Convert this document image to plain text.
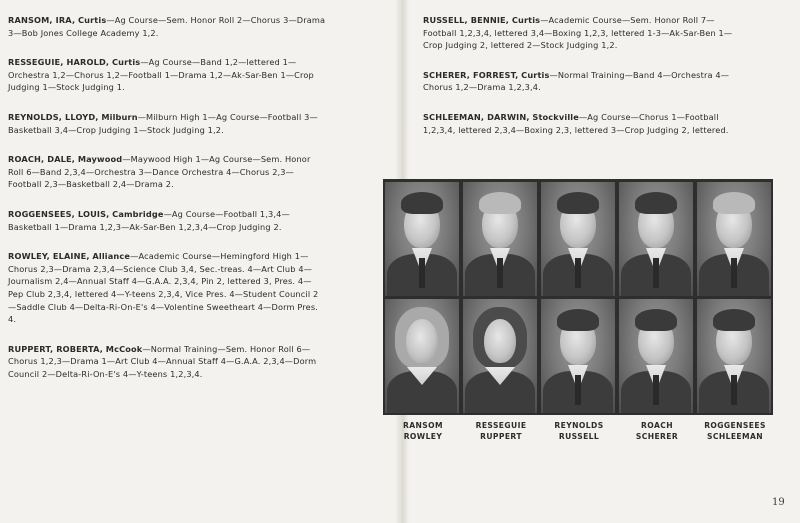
RANSOM, IRA, Curtis—Ag Course—Sem. Honor Roll 2—Chorus 3—Drama 3—Bob Jones College Academy 1,2.

RESSEGUIE, HAROLD, Curtis—Ag Course—Band 1,2—lettered 1—Orchestra 1,2—Chorus 1,2—Football 1—Drama 1,2—Ak-Sar-Ben 1—Crop Judging 1—Stock Judging 1.

REYNOLDS, LLOYD, Milburn—Milburn High 1—Ag Course—Football 3—Basketball 3,4—Crop Judging 1—Stock Judging 1,2.

ROACH, DALE, Maywood—Maywood High 1—Ag Course—Sem. Honor Roll 6—Band 2,3,4—Orchestra 3—Dance Orchestra 4—Chorus 2,3—Football 2,3—Basketball 2,4—Drama 2.

ROGGENSEES, LOUIS, Cambridge—Ag Course—Football 1,3,4—Basketball 1—Drama 1,2,3—Ak-Sar-Ben 1,2,3,4—Crop Judging 2.

ROWLEY, ELAINE, Alliance—Academic Course—Hemingford High 1—Chorus 2,3—Drama 2,3,4—Science Club 3,4, Sec.-treas. 4—Art Club 4—Journalism 2,4—Annual Staff 4—G.A.A. 2,3,4, Pin 2, lettered 3, Pres. 4—Pep Club 2,3,4, lettered 4—Y-teens 2,3,4, Vice Pres. 4—Student Council 2—Saddle Club 4—Delta-Ri-On-E's 4—Volentine Sweetheart 4—Dorm Pres. 4.

RUPPERT, ROBERTA, McCook—Normal Training—Sem. Honor Roll 6—Chorus 1,2,3—Drama 1—Art Club 4—Annual Staff 4—G.A.A. 2,3,4—Dorm Council 2—Delta-Ri-On-E's 4—Y-teens 1,2,3,4.

RUSSELL, BENNIE, Curtis—Academic Course—Sem. Honor Roll 7—Football 1,2,3,4, lettered 3,4—Boxing 1,2,3, lettered 1-3—Ak-Sar-Ben 1—Crop Judging 2, lettered 2—Stock Judging 1,2.

SCHERER, FORREST, Curtis—Normal Training—Band 4—Orchestra 4—Chorus 1,2—Drama 1,2,3,4.

SCHLEEMAN, DARWIN, Stockville—Ag Course—Chorus 1—Football 1,2,3,4, lettered 2,3,4—Boxing 2,3, lettered 3—Crop Judging 2, lettered.

RANSOM
ROWLEY
RESSEGUIE
RUPPERT
REYNOLDS
RUSSELL
ROACH
SCHERER
ROGGENSEES
SCHLEEMAN
19
